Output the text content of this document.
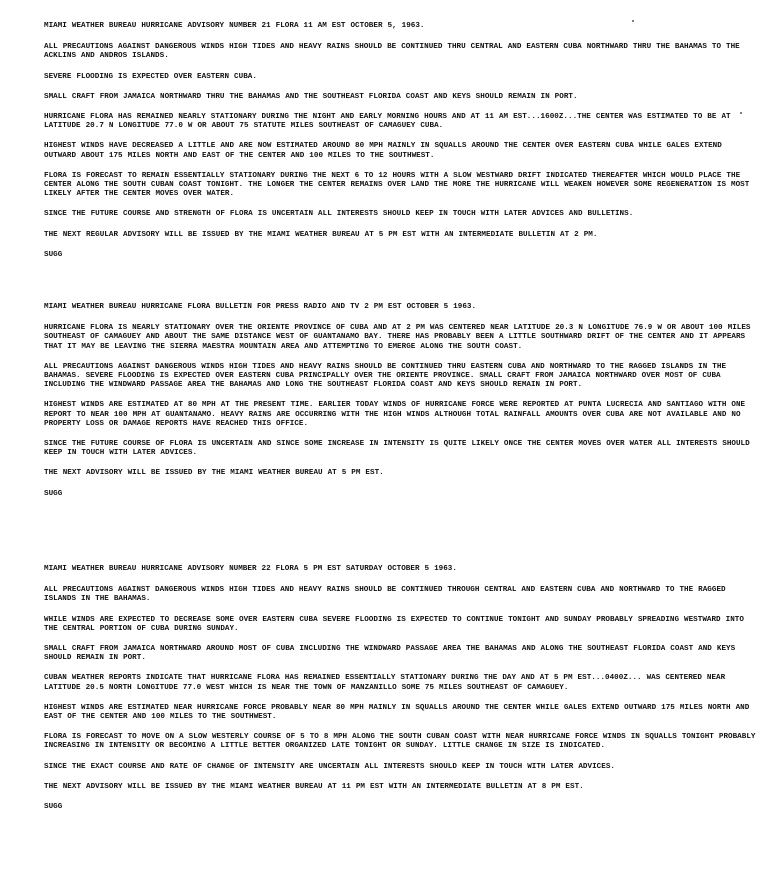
MIAMI WEATHER BUREAU HURRICANE ADVISORY NUMBER 21 FLORA 11 AM EST OCTOBER 5, 1963.

ALL PRECAUTIONS AGAINST DANGEROUS WINDS HIGH TIDES AND HEAVY RAINS SHOULD BE CONTINUED THRU CENTRAL AND EASTERN CUBA NORTHWARD THRU THE BAHAMAS TO THE ACKLINS AND ANDROS ISLANDS.

SEVERE FLOODING IS EXPECTED OVER EASTERN CUBA.

SMALL CRAFT FROM JAMAICA NORTHWARD THRU THE BAHAMAS AND THE SOUTHEAST FLORIDA COAST AND KEYS SHOULD REMAIN IN PORT.

HURRICANE FLORA HAS REMAINED NEARLY STATIONARY DURING THE NIGHT AND EARLY MORNING HOURS AND AT 11 AM EST...1600Z...THE CENTER WAS ESTIMATED TO BE AT LATITUDE 20.7 N LONGITUDE 77.0 W OR ABOUT 75 STATUTE MILES SOUTHEAST OF CAMAGUEY CUBA.

HIGHEST WINDS HAVE DECREASED A LITTLE AND ARE NOW ESTIMATED AROUND 80 MPH MAINLY IN SQUALLS AROUND THE CENTER OVER EASTERN CUBA WHILE GALES EXTEND OUTWARD ABOUT 175 MILES NORTH AND EAST OF THE CENTER AND 100 MILES TO THE SOUTHWEST.

FLORA IS FORECAST TO REMAIN ESSENTIALLY STATIONARY DURING THE NEXT 6 TO 12 HOURS WITH A SLOW WESTWARD DRIFT INDICATED THEREAFTER WHICH WOULD PLACE THE CENTER ALONG THE SOUTH CUBAN COAST TONIGHT. THE LONGER THE CENTER REMAINS OVER LAND THE MORE THE HURRICANE WILL WEAKEN HOWEVER SOME REGENERATION IS MOST LIKELY AFTER THE CENTER MOVES OVER WATER.

SINCE THE FUTURE COURSE AND STRENGTH OF FLORA IS UNCERTAIN ALL INTERESTS SHOULD KEEP IN TOUCH WITH LATER ADVICES AND BULLETINS.

THE NEXT REGULAR ADVISORY WILL BE ISSUED BY THE MIAMI WEATHER BUREAU AT 5 PM EST WITH AN INTERMEDIATE BULLETIN AT 2 PM.

SUGG

MIAMI WEATHER BUREAU HURRICANE FLORA BULLETIN FOR PRESS RADIO AND TV 2 PM EST OCTOBER 5 1963.

HURRICANE FLORA IS NEARLY STATIONARY OVER THE ORIENTE PROVINCE OF CUBA AND AT 2 PM WAS CENTERED NEAR LATITUDE 20.3 N LONGITUDE 76.9 W OR ABOUT 100 MILES SOUTHEAST OF CAMAGUEY AND ABOUT THE SAME DISTANCE WEST OF GUANTANAMO BAY. THERE HAS PROBABLY BEEN A LITTLE SOUTHWARD DRIFT OF THE CENTER AND IT APPEARS THAT IT MAY BE LEAVING THE SIERRA MAESTRA MOUNTAIN AREA AND ATTEMPTING TO EMERGE ALONG THE SOUTH COAST.

ALL PRECAUTIONS AGAINST DANGEROUS WINDS HIGH TIDES AND HEAVY RAINS SHOULD BE CONTINUED THRU EASTERN CUBA AND NORTHWARD TO THE RAGGED ISLANDS IN THE BAHAMAS. SEVERE FLOODING IS EXPECTED OVER EASTERN CUBA PRINCIPALLY OVER THE ORIENTE PROVINCE. SMALL CRAFT FROM JAMAICA NORTHWARD OVER MOST OF CUBA INCLUDING THE WINDWARD PASSAGE AREA THE BAHAMAS AND LONG THE SOUTHEAST FLORIDA COAST AND KEYS SHOULD REMAIN IN PORT.

HIGHEST WINDS ARE ESTIMATED AT 80 MPH AT THE PRESENT TIME. EARLIER TODAY WINDS OF HURRICANE FORCE WERE REPORTED AT PUNTA LUCRECIA AND SANTIAGO WITH ONE REPORT TO NEAR 100 MPH AT GUANTANAMO. HEAVY RAINS ARE OCCURRING WITH THE HIGH WINDS ALTHOUGH TOTAL RAINFALL AMOUNTS OVER CUBA ARE NOT AVAILABLE AND NO PROPERTY LOSS OR DAMAGE REPORTS HAVE REACHED THIS OFFICE.

SINCE THE FUTURE COURSE OF FLORA IS UNCERTAIN AND SINCE SOME INCREASE IN INTENSITY IS QUITE LIKELY ONCE THE CENTER MOVES OVER WATER ALL INTERESTS SHOULD KEEP IN TOUCH WITH LATER ADVICES.

THE NEXT ADVISORY WILL BE ISSUED BY THE MIAMI WEATHER BUREAU AT 5 PM EST.

SUGG

MIAMI WEATHER BUREAU HURRICANE ADVISORY NUMBER 22 FLORA 5 PM EST SATURDAY OCTOBER 5 1963.

ALL PRECAUTIONS AGAINST DANGEROUS WINDS HIGH TIDES AND HEAVY RAINS SHOULD BE CONTINUED THROUGH CENTRAL AND EASTERN CUBA AND NORTHWARD TO THE RAGGED ISLANDS IN THE BAHAMAS.

WHILE WINDS ARE EXPECTED TO DECREASE SOME OVER EASTERN CUBA SEVERE FLOODING IS EXPECTED TO CONTINUE TONIGHT AND SUNDAY PROBABLY SPREADING WESTWARD INTO THE CENTRAL PORTION OF CUBA DURING SUNDAY.

SMALL CRAFT FROM JAMAICA NORTHWARD AROUND MOST OF CUBA INCLUDING THE WINDWARD PASSAGE AREA THE BAHAMAS AND ALONG THE SOUTHEAST FLORIDA COAST AND KEYS SHOULD REMAIN IN PORT.

CUBAN WEATHER REPORTS INDICATE THAT HURRICANE FLORA HAS REMAINED ESSENTIALLY STATIONARY DURING THE DAY AND AT 5 PM EST...0400Z... WAS CENTERED NEAR LATITUDE 20.5 NORTH LONGITUDE 77.0 WEST WHICH IS NEAR THE TOWN OF MANZANILLO SOME 75 MILES SOUTHEAST OF CAMAGUEY.

HIGHEST WINDS ARE ESTIMATED NEAR HURRICANE FORCE PROBABLY NEAR 80 MPH MAINLY IN SQUALLS AROUND THE CENTER WHILE GALES EXTEND OUTWARD 175 MILES NORTH AND EAST OF THE CENTER AND 100 MILES TO THE SOUTHWEST.

FLORA IS FORECAST TO MOVE ON A SLOW WESTERLY COURSE OF 5 TO 8 MPH ALONG THE SOUTH CUBAN COAST WITH NEAR HURRICANE FORCE WINDS IN SQUALLS TONIGHT PROBABLY INCREASING IN INTENSITY OR BECOMING A LITTLE BETTER ORGANIZED LATE TONIGHT OR SUNDAY. LITTLE CHANGE IN SIZE IS INDICATED.

SINCE THE EXACT COURSE AND RATE OF CHANGE OF INTENSITY ARE UNCERTAIN ALL INTERESTS SHOULD KEEP IN TOUCH WITH LATER ADVICES.

THE NEXT ADVISORY WILL BE ISSUED BY THE MIAMI WEATHER BUREAU AT 11 PM EST WITH AN INTERMEDIATE BULLETIN AT 8 PM EST.

SUGG
